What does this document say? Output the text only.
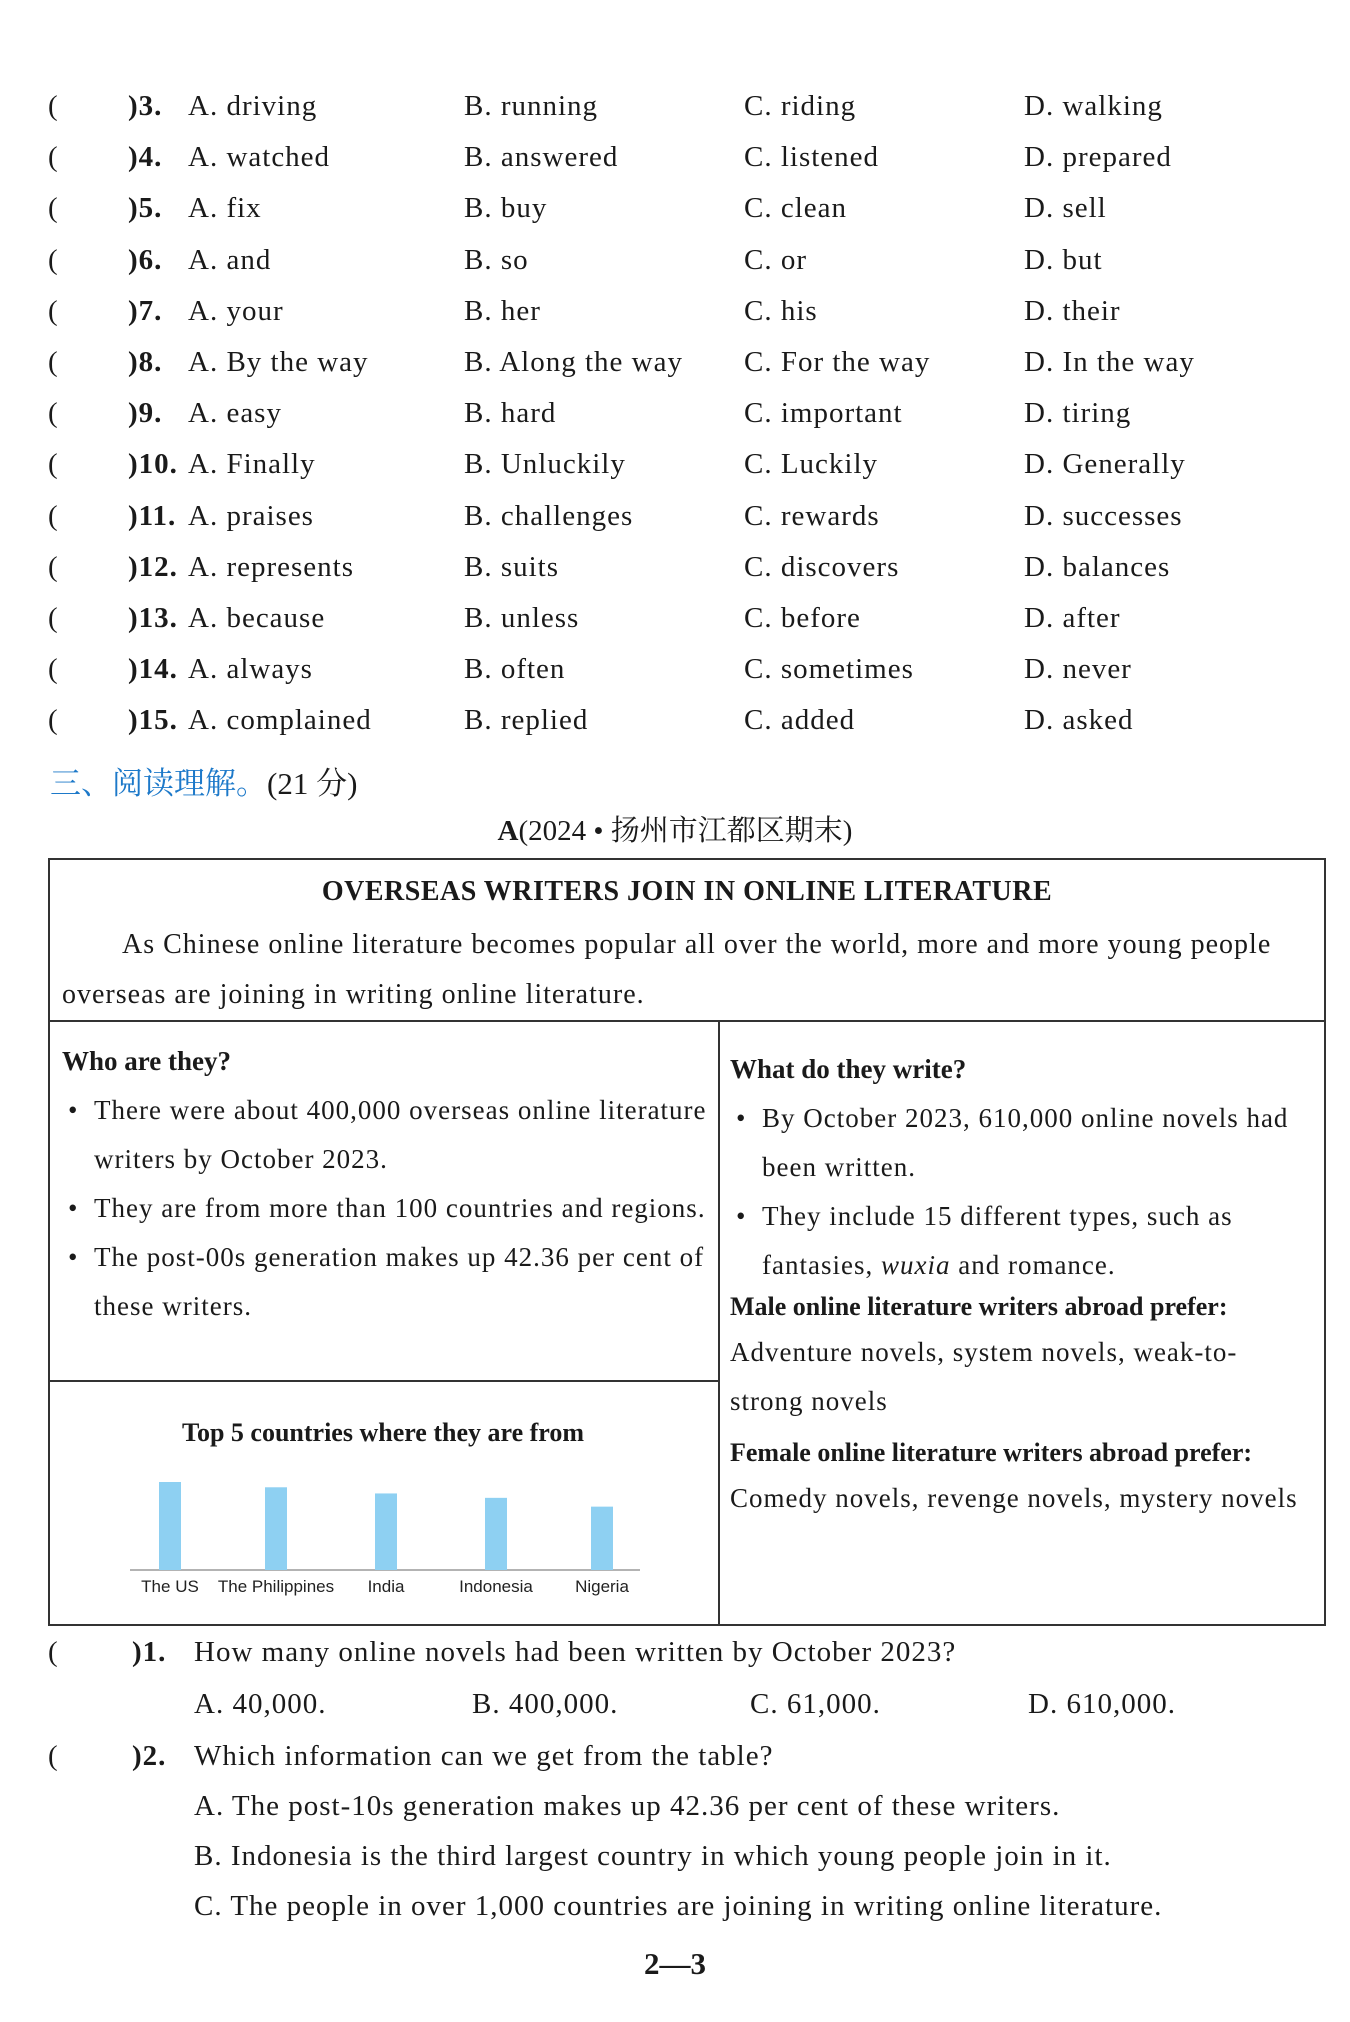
( )3. A. driving	B. running	C. riding	D. walking
( )4. A. watched	B. answered	C. listened	D. prepared
( )5. A. fix	B. buy	C. clean	D. sell
( )6. A. and	B. so	C. or	D. but
( )7. A. your	B. her	C. his	D. their
( )8. A. By the way	B. Along the way C. For the way	D. In the way
( )9. A. easy	B. hard	C. important	D. tiring
( )10. A. Finally	B. Unluckily	C. Luckily	D. Generally
( )11. A. praises	B. challenges	C. rewards	D. successes
( )12. A. represents	B. suits	C. discovers	D. balances
( )13. A. because	B. unless	C. before	D. after
( )14. A. always	B. often	C. sometimes	D. never
( )15. A. complained	B. replied	C. added	D. asked
三、阅读理解。(21 分)
A(2024 • 扬州市江都区期末)
OVERSEAS WRITERS JOIN IN ONLINE LITERATURE
As Chinese online literature becomes popular all over the world, more and more young people overseas are joining in writing online literature.
Who are they?
• There were about 400,000 overseas online literature writers by October 2023.
• They are from more than 100 countries and regions.
• The post-00s generation makes up 42.36 per cent of these writers.
Top 5 countries where they are from
The US The Philippines India	Indonesia Nigeria
What do they write?
• By October 2023, 610,000 online novels had been written.
• They include 15 different types, such as fantasies, wuxia and romance.
Male online literature writers abroad prefer:
Adventure novels, system novels, weak-to-strong novels
Female online literature writers abroad prefer:
Comedy novels, revenge novels, mystery novels
(	)1. How many online novels had been written by October 2023?
A. 40,000.	B. 400,000.	C. 61,000.	D. 610,000.
(	)2. Which information can we get from the table?
A. The post-10s generation makes up 42.36 per cent of these writers.
B. Indonesia is the third largest country in which young people join in it.
C. The people in over 1,000 countries are joining in writing online literature.
2—3
